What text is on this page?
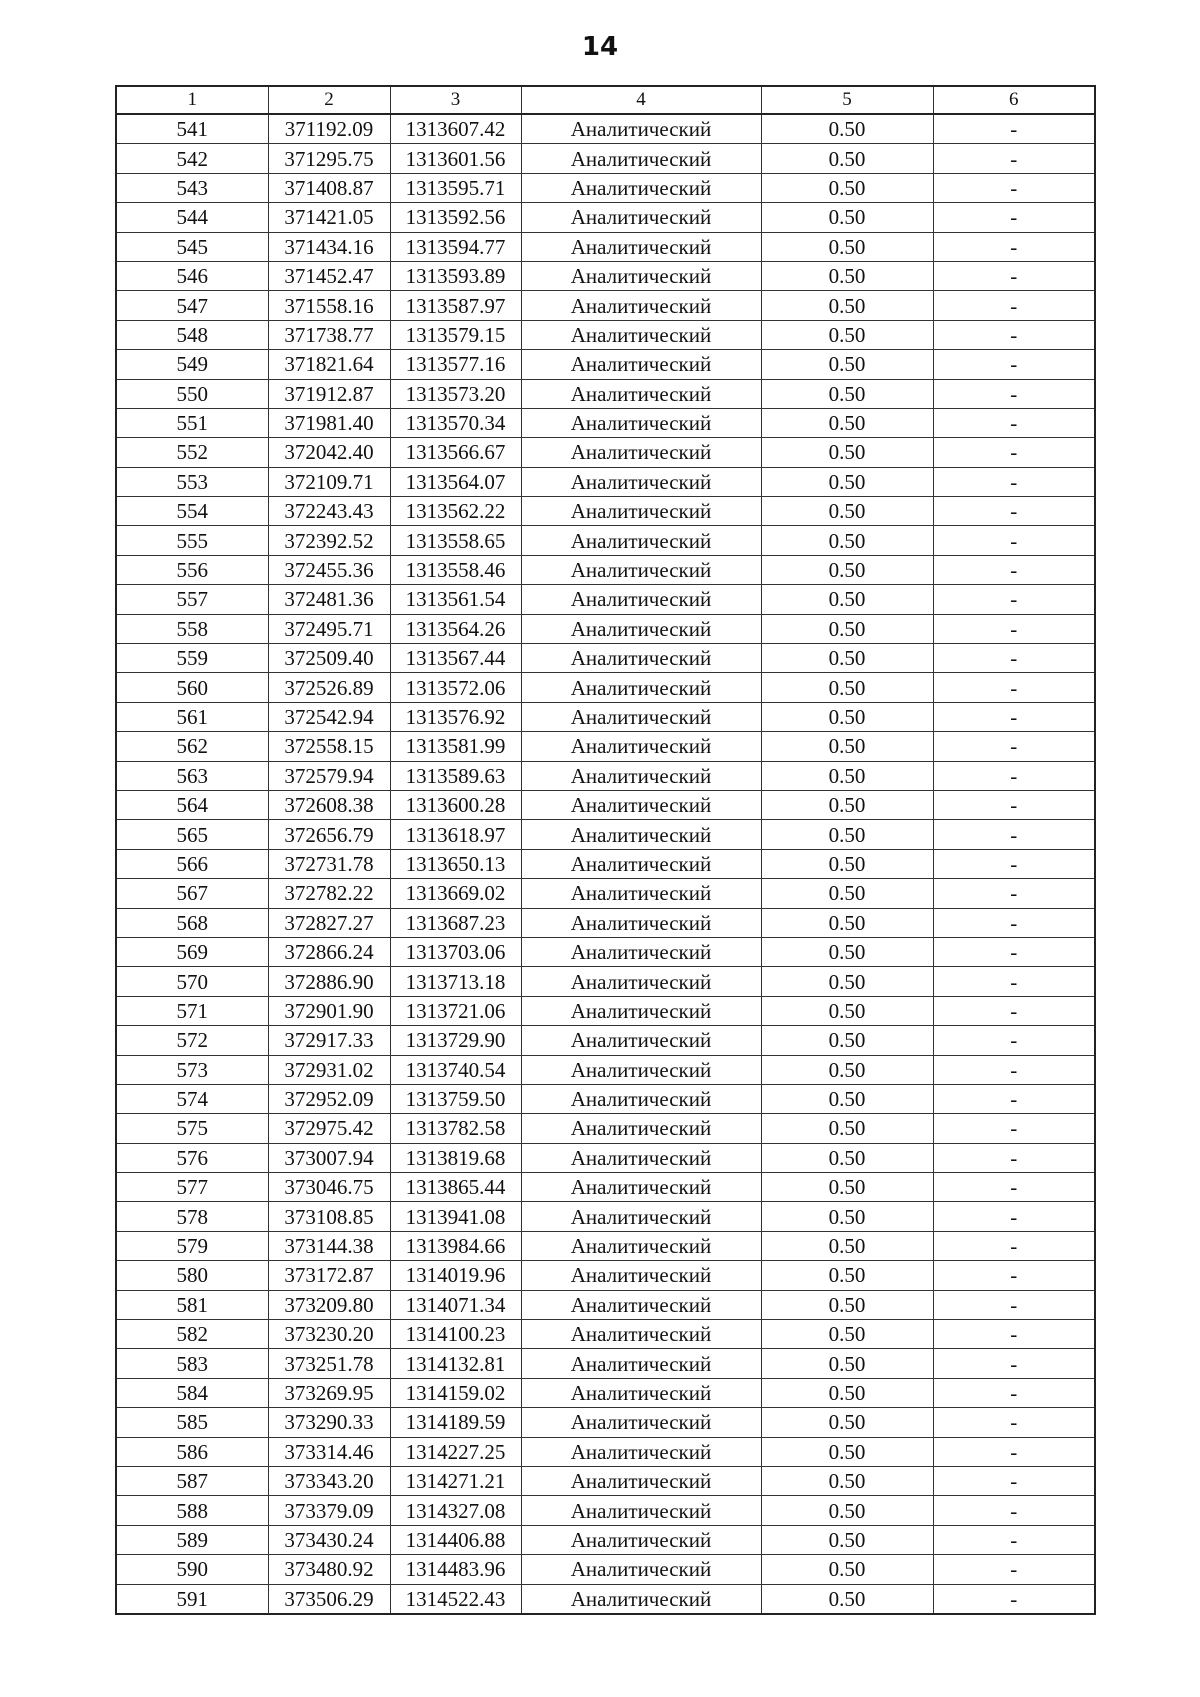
14
1	2	3	4	5	6
541	371192.09	1313607.42	Аналитический	0.50	-
542	371295.75	1313601.56	Аналитический	0.50	-
543	371408.87	1313595.71	Аналитический	0.50	-
544	371421.05	1313592.56	Аналитический	0.50	-
545	371434.16	1313594.77	Аналитический	0.50	-
546	371452.47	1313593.89	Аналитический	0.50	-
547	371558.16	1313587.97	Аналитический	0.50	-
548	371738.77	1313579.15	Аналитический	0.50	-
549	371821.64	1313577.16	Аналитический	0.50	-
550	371912.87	1313573.20	Аналитический	0.50	-
551	371981.40	1313570.34	Аналитический	0.50	-
552	372042.40	1313566.67	Аналитический	0.50	-
553	372109.71	1313564.07	Аналитический	0.50	-
554	372243.43	1313562.22	Аналитический	0.50	-
555	372392.52	1313558.65	Аналитический	0.50	-
556	372455.36	1313558.46	Аналитический	0.50	-
557	372481.36	1313561.54	Аналитический	0.50	-
558	372495.71	1313564.26	Аналитический	0.50	-
559	372509.40	1313567.44	Аналитический	0.50	-
560	372526.89	1313572.06	Аналитический	0.50	-
561	372542.94	1313576.92	Аналитический	0.50	-
562	372558.15	1313581.99	Аналитический	0.50	-
563	372579.94	1313589.63	Аналитический	0.50	-
564	372608.38	1313600.28	Аналитический	0.50	-
565	372656.79	1313618.97	Аналитический	0.50	-
566	372731.78	1313650.13	Аналитический	0.50	-
567	372782.22	1313669.02	Аналитический	0.50	-
568	372827.27	1313687.23	Аналитический	0.50	-
569	372866.24	1313703.06	Аналитический	0.50	-
570	372886.90	1313713.18	Аналитический	0.50	-
571	372901.90	1313721.06	Аналитический	0.50	-
572	372917.33	1313729.90	Аналитический	0.50	-
573	372931.02	1313740.54	Аналитический	0.50	-
574	372952.09	1313759.50	Аналитический	0.50	-
575	372975.42	1313782.58	Аналитический	0.50	-
576	373007.94	1313819.68	Аналитический	0.50	-
577	373046.75	1313865.44	Аналитический	0.50	-
578	373108.85	1313941.08	Аналитический	0.50	-
579	373144.38	1313984.66	Аналитический	0.50	-
580	373172.87	1314019.96	Аналитический	0.50	-
581	373209.80	1314071.34	Аналитический	0.50	-
582	373230.20	1314100.23	Аналитический	0.50	-
583	373251.78	1314132.81	Аналитический	0.50	-
584	373269.95	1314159.02	Аналитический	0.50	-
585	373290.33	1314189.59	Аналитический	0.50	-
586	373314.46	1314227.25	Аналитический	0.50	-
587	373343.20	1314271.21	Аналитический	0.50	-
588	373379.09	1314327.08	Аналитический	0.50	-
589	373430.24	1314406.88	Аналитический	0.50	-
590	373480.92	1314483.96	Аналитический	0.50	-
591	373506.29	1314522.43	Аналитический	0.50	-
